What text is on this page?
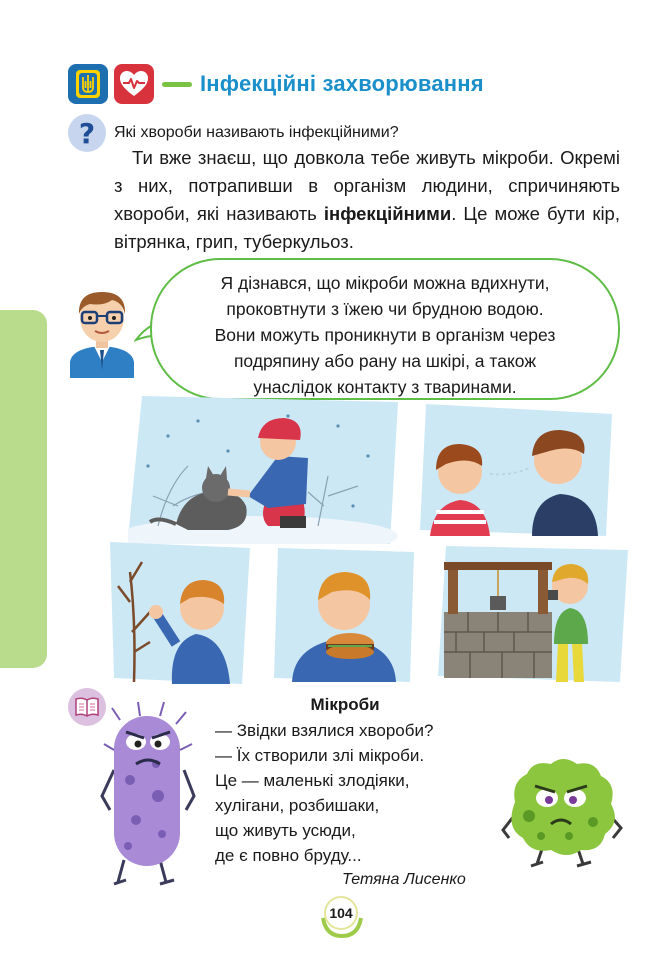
Інфекційні захворювання
? Які хвороби називають інфекційними?

Ти вже знаєш, що довкола тебе живуть мікроби. Окремі з них, потрапивши в організм людини, спричиняють хвороби, які називають інфекційними. Це може бути кір, вітрянка, грип, туберкульоз.

Я дізнався, що мікроби можна вдихнути,
проковтнути з їжею чи брудною водою.
Вони можуть проникнути в організм через
подряпину або рану на шкірі, а також
унаслідок контакту з тваринами.
Мікроби
— Звідки взялися хвороби?
— Їх створили злі мікроби.
Це — маленькі злодіяки,
хулігани, розбишаки,
що живуть усюди,
де є повно бруду...
Тетяна Лисенко
104
